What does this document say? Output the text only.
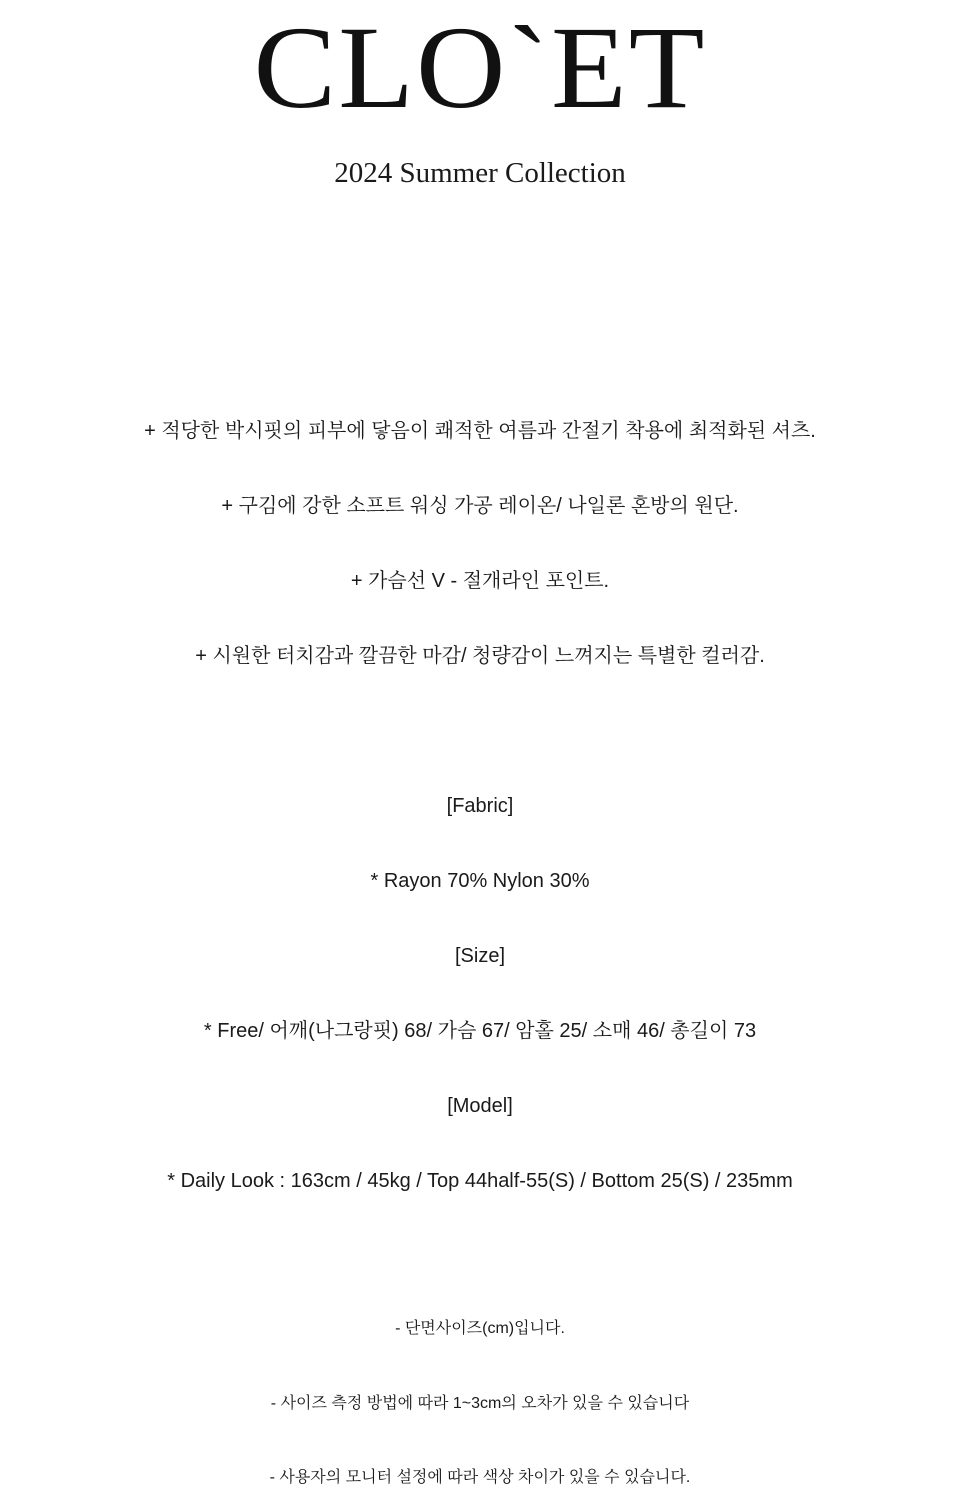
CLO`ET
2024 Summer Collection
+ 적당한 박시핏의 피부에 닿음이 쾌적한 여름과 간절기 착용에 최적화된 셔츠.
+ 구김에 강한 소프트 워싱 가공 레이온/ 나일론 혼방의 원단.
+ 가슴선 V - 절개라인 포인트.
+ 시원한 터치감과 깔끔한 마감/ 청량감이 느껴지는 특별한 컬러감.
[Fabric]
* Rayon 70% Nylon 30%
[Size]
* Free/ 어깨(나그랑핏) 68/ 가슴 67/ 암홀 25/ 소매 46/ 총길이 73
[Model]
* Daily Look : 163cm / 45kg / Top 44half-55(S) / Bottom 25(S) / 235mm
- 단면사이즈(cm)입니다.
- 사이즈 측정 방법에 따라 1~3cm의 오차가 있을 수 있습니다
- 사용자의 모니터 설정에 따라 색상 차이가 있을 수 있습니다.
